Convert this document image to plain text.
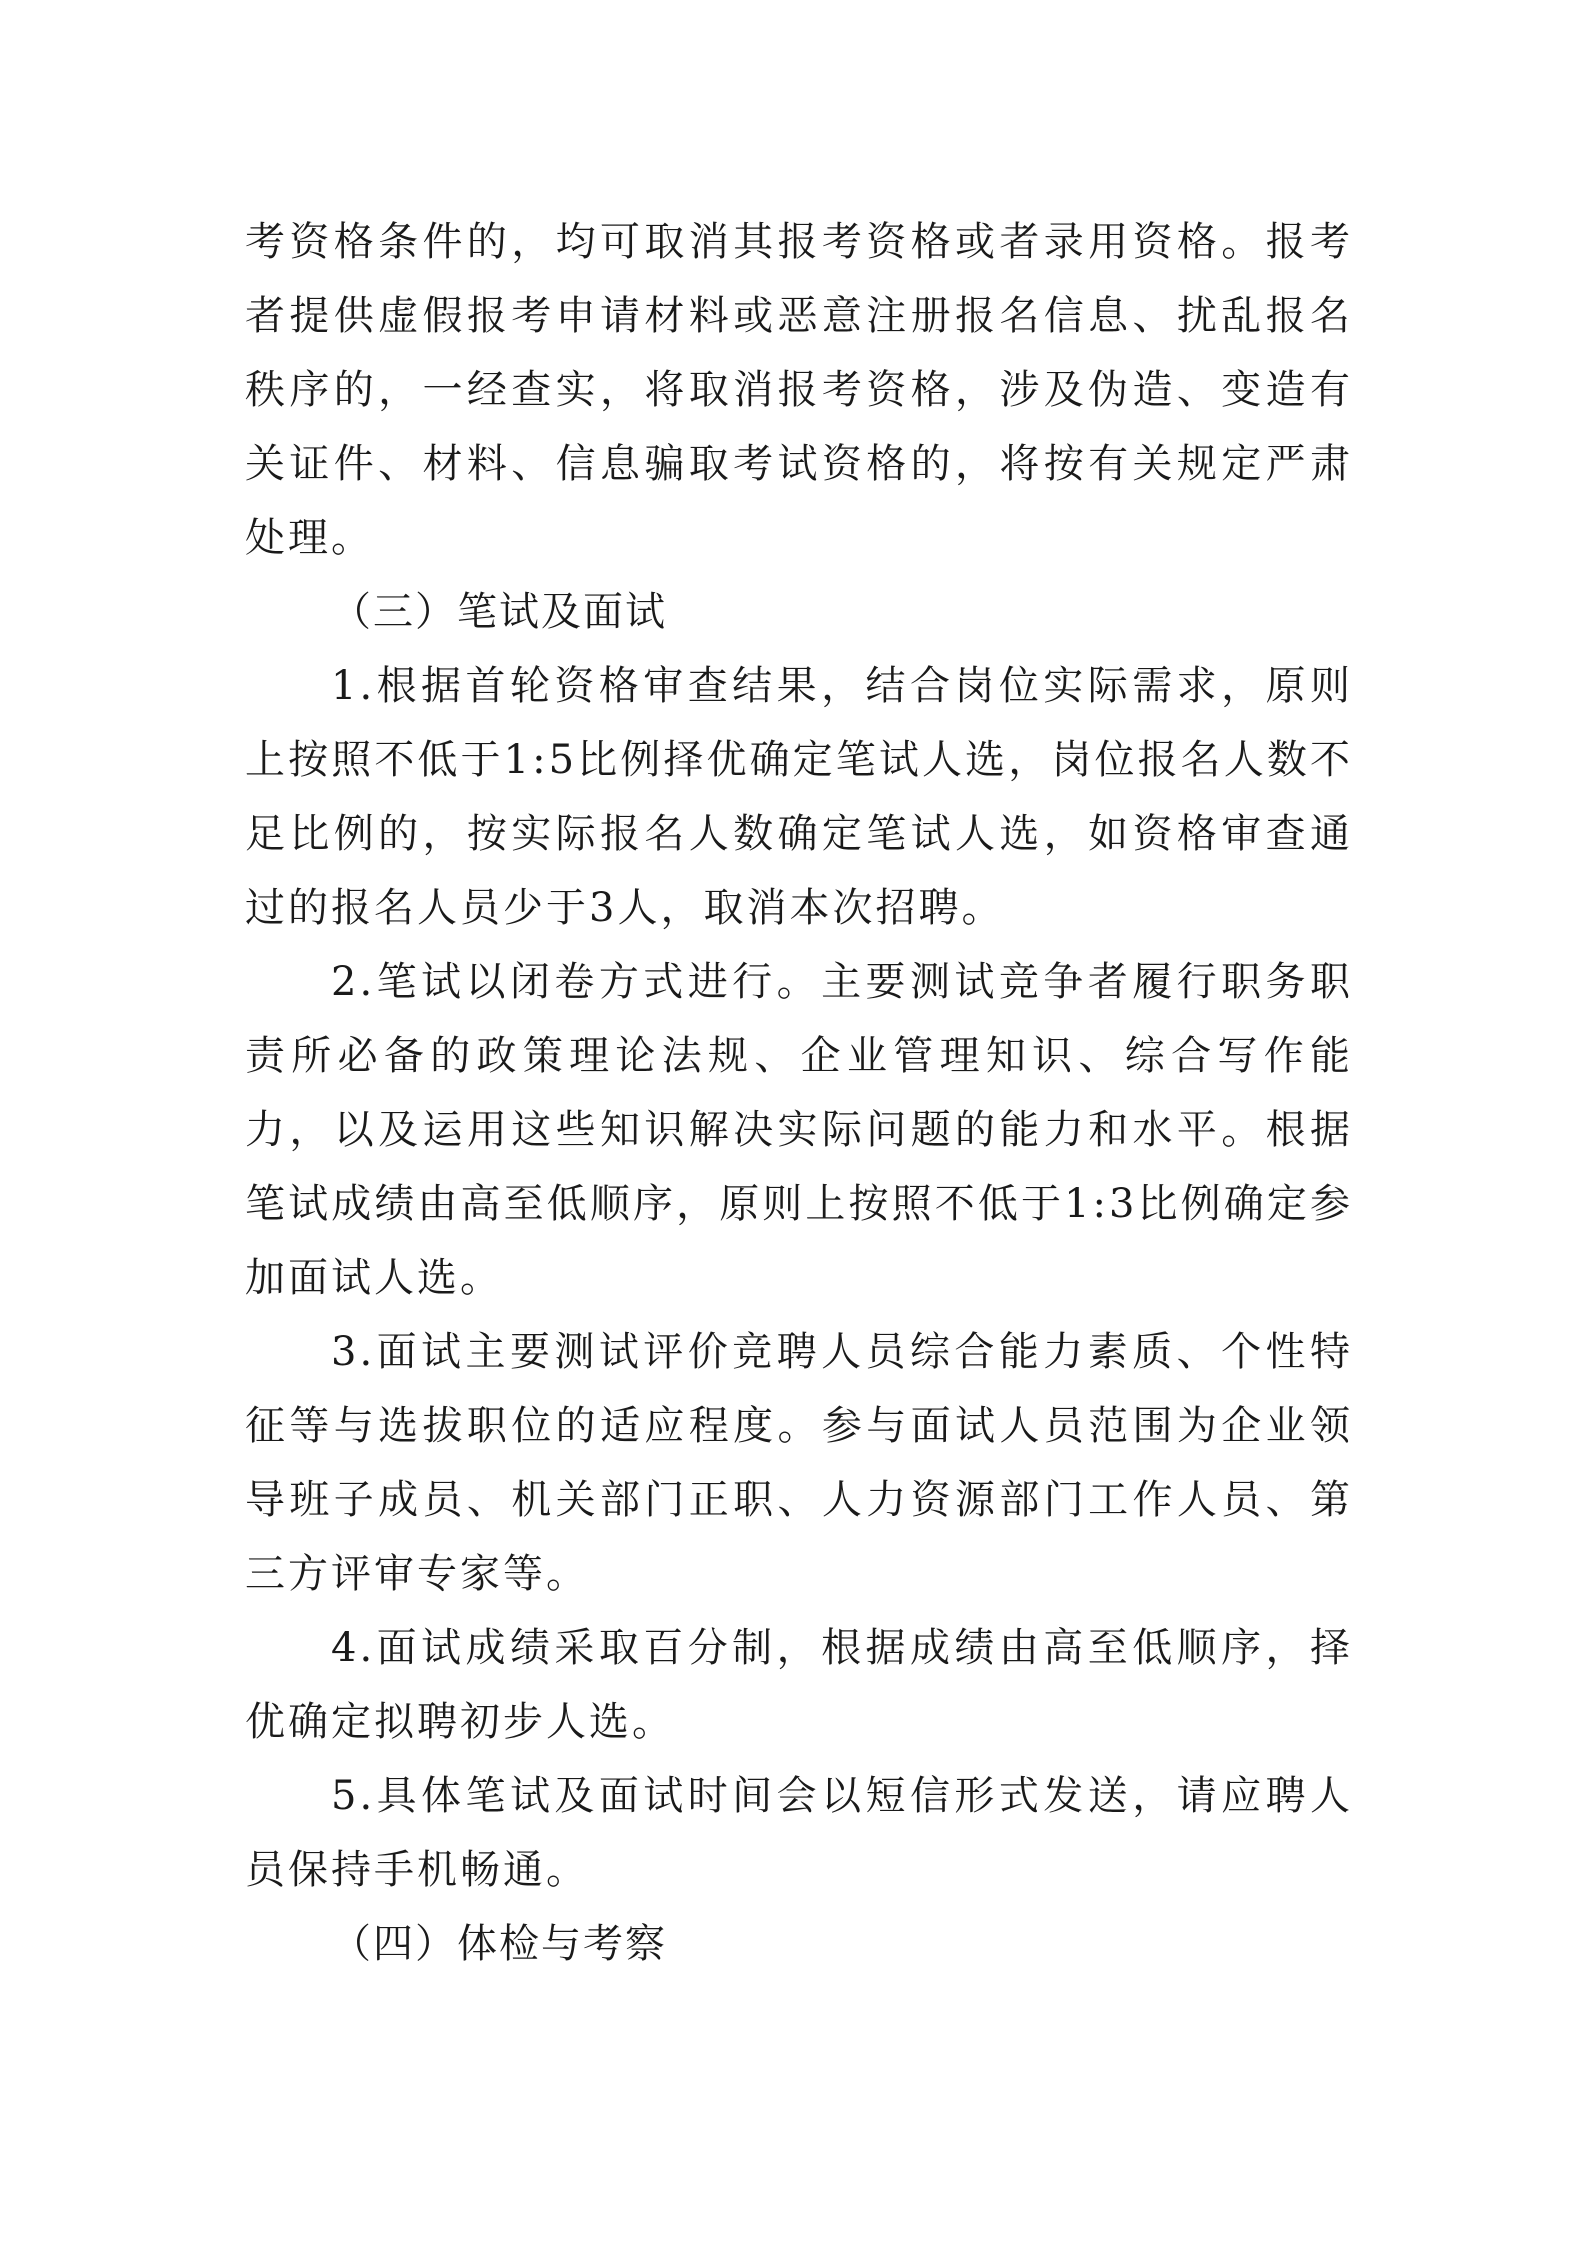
考资格条件的，均可取消其报考资格或者录用资格。报考者提供虚假报考申请材料或恶意注册报名信息、扰乱报名秩序的，一经查实，将取消报考资格，涉及伪造、变造有关证件、材料、信息骗取考试资格的，将按有关规定严肃处理。

（三）笔试及面试

1.根据首轮资格审查结果，结合岗位实际需求，原则上按照不低于1:5比例择优确定笔试人选，岗位报名人数不足比例的，按实际报名人数确定笔试人选，如资格审查通过的报名人员少于3人，取消本次招聘。

2.笔试以闭卷方式进行。主要测试竞争者履行职务职责所必备的政策理论法规、企业管理知识、综合写作能力，以及运用这些知识解决实际问题的能力和水平。根据笔试成绩由高至低顺序，原则上按照不低于1:3比例确定参加面试人选。

3.面试主要测试评价竞聘人员综合能力素质、个性特征等与选拔职位的适应程度。参与面试人员范围为企业领导班子成员、机关部门正职、人力资源部门工作人员、第三方评审专家等。

4.面试成绩采取百分制，根据成绩由高至低顺序，择优确定拟聘初步人选。

5.具体笔试及面试时间会以短信形式发送，请应聘人员保持手机畅通。

（四）体检与考察
